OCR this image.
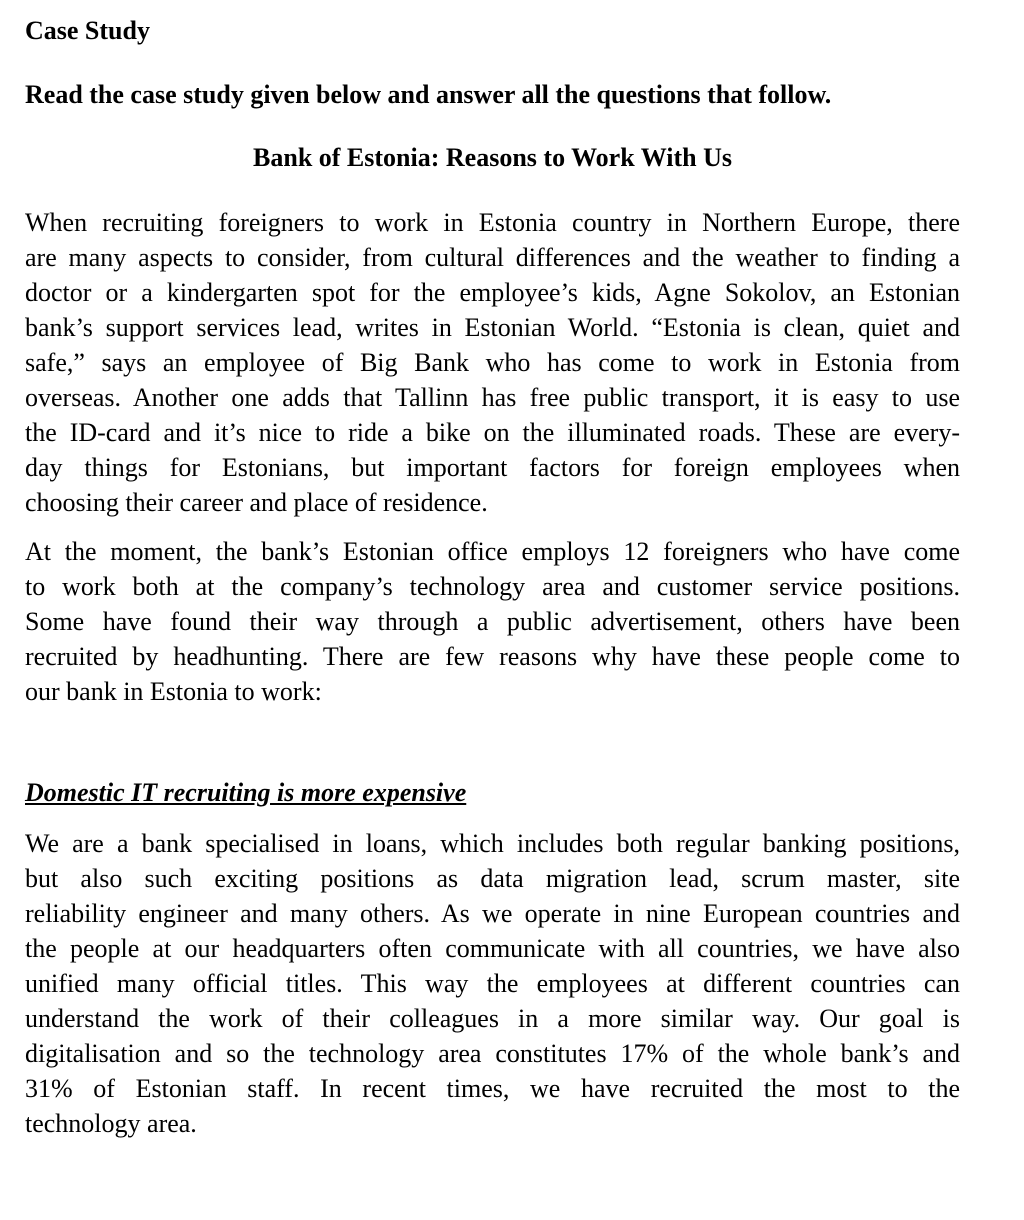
Case Study
Read the case study given below and answer all the questions that follow.
Bank of Estonia: Reasons to Work With Us
When recruiting foreigners to work in Estonia country in Northern Europe, there
are many aspects to consider, from cultural differences and the weather to finding a
doctor or a kindergarten spot for the employee’s kids, Agne Sokolov, an Estonian
bank’s support services lead, writes in Estonian World. “Estonia is clean, quiet and
safe,” says an employee of Big Bank who has come to work in Estonia from
overseas. Another one adds that Tallinn has free public transport, it is easy to use
the ID-card and it’s nice to ride a bike on the illuminated roads. These are every-
day things for Estonians, but important factors for foreign employees when
choosing their career and place of residence.
At the moment, the bank’s Estonian office employs 12 foreigners who have come
to work both at the company’s technology area and customer service positions.
Some have found their way through a public advertisement, others have been
recruited by headhunting. There are few reasons why have these people come to
our bank in Estonia to work:
Domestic IT recruiting is more expensive
We are a bank specialised in loans, which includes both regular banking positions,
but also such exciting positions as data migration lead, scrum master, site
reliability engineer and many others. As we operate in nine European countries and
the people at our headquarters often communicate with all countries, we have also
unified many official titles. This way the employees at different countries can
understand the work of their colleagues in a more similar way. Our goal is
digitalisation and so the technology area constitutes 17% of the whole bank’s and
31% of Estonian staff. In recent times, we have recruited the most to the
technology area.
